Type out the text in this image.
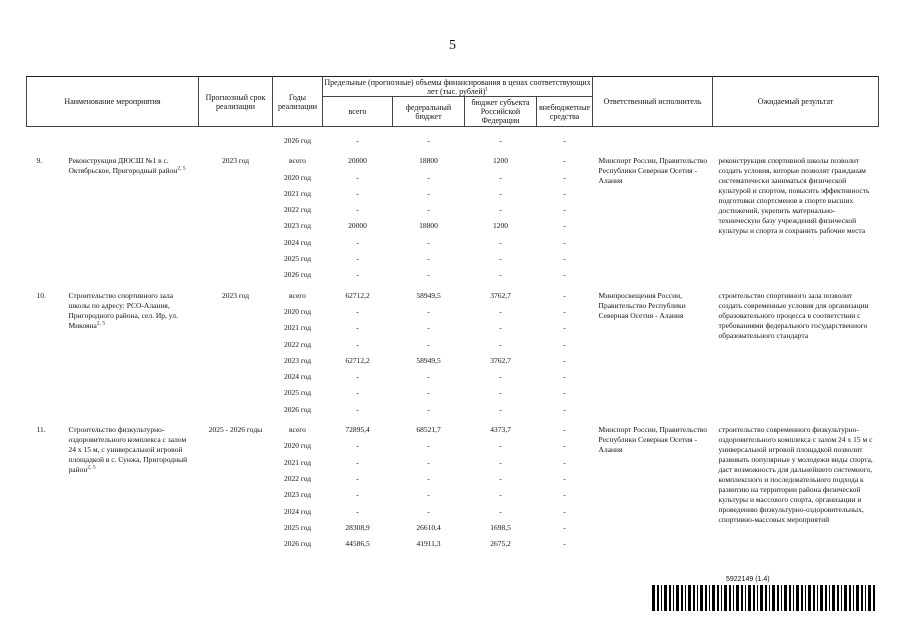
5
Наименование мероприятия		Прогнозный срок реализации	Годы реализации	Предельные (прогнозные) объемы финансирования в ценах соответствующих лет (тыс. рублей)$^1$				Ответственный исполнитель	Ожидаемый результат
				всего	федеральный бюджет	бюджет субъекта Российской Федерации	внебюджетные средства		

			2026 год	-	-	-	-		
9.	Реконструкция ДЮСШ №1 в с. Октябрьское, Пригородный район$^{2, 5}$	2023 год	всего	20000	18800	1200	-	Минспорт России, Правительство Республики Северная Осетия - Алания	реконструкция спортивной школы позволит создать условия, которые позволят гражданам систематически заниматься физической культурой и спортом, повысить эффективность подготовки спортсменов в спорте высших достижений, укрепить материально-техническую базу учреждений физической культуры и спорта и сохранить рабочие места
			2020 год	-	-	-	-		
			2021 год	-	-	-	-		
			2022 год	-	-	-	-		
			2023 год	20000	18800	1200	-		
			2024 год	-	-	-	-		
			2025 год	-	-	-	-		
			2026 год	-	-	-	-		
10.	Строительство спортивного зала школы по адресу: РСО-Алания, Пригородного района, сел. Ир, ул. Микояна$^{2, 5}$	2023 год	всего	62712,2	58949,5	3762,7	-	Минпросвещения России, Правительство Республики Северная Осетия - Алания	строительство спортивного зала позволит создать современные условия для организации образовательного процесса в соответствии с требованиями федерального государственного образовательного стандарта
			2020 год	-	-	-	-		
			2021 год	-	-	-	-		
			2022 год	-	-	-	-		
			2023 год	62712,2	58949,5	3762,7	-		
			2024 год	-	-	-	-		
			2025 год	-	-	-	-		
			2026 год	-	-	-	-		
11.	Строительство физкультурно-оздоровительного комплекса с залом 24 х 15 м, с универсальной игровой площадкой в с. Сунжа, Пригородный район$^{2, 5}$	2025 - 2026 годы	всего	72895,4	68521,7	4373,7	-	Минспорт России, Правительство Республики Северная Осетия - Алания	строительство современного физкультурно-оздоровительного комплекса с залом 24 х 15 м с универсальной игровой площадкой позволит развивать популярные у молодежи виды спорта, даст возможность для дальнейшего системного, комплексного и последовательного подхода к развитию на территории района физической культуры и массового спорта, организации и проведению физкультурно-оздоровительных, спортивно-массовых мероприятий
			2020 год	-	-	-	-		
			2021 год	-	-	-	-		
			2022 год	-	-	-	-		
			2023 год	-	-	-	-		
			2024 год	-	-	-	-		
			2025 год	28308,9	26610,4	1698,5	-		
			2026 год	44586,5	41911,3	2675,2	-		
5922149 (1.4)
